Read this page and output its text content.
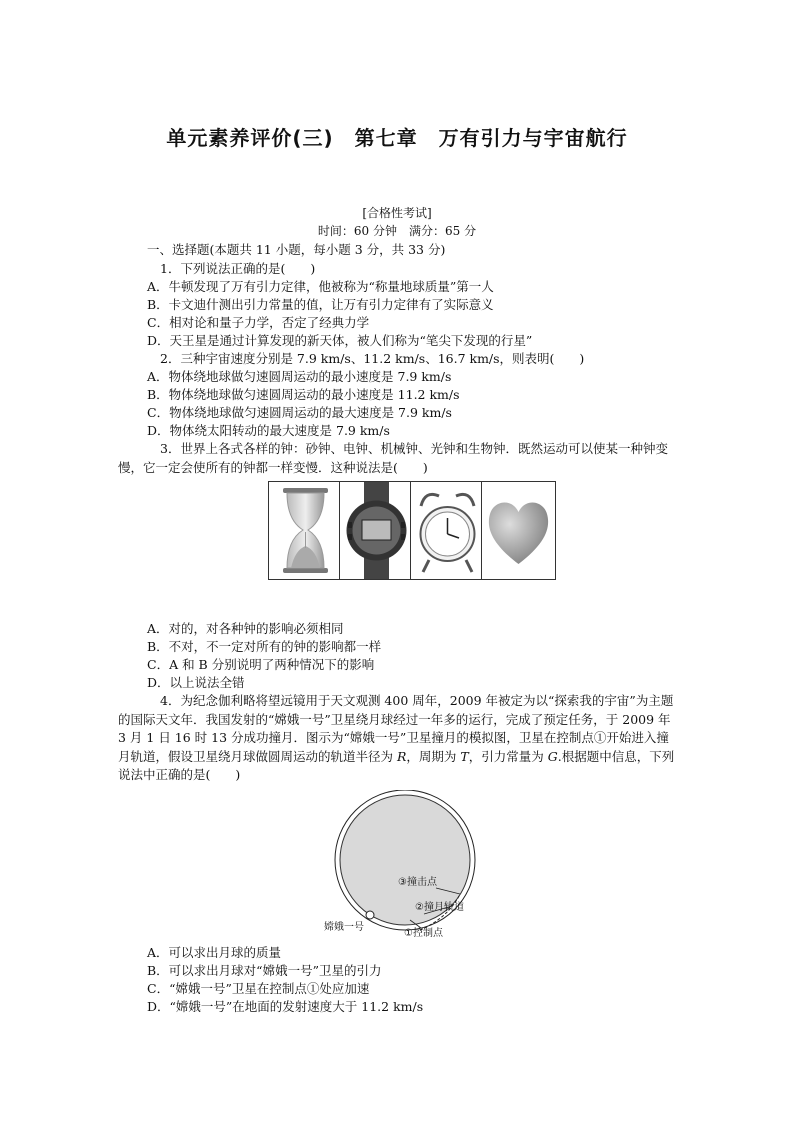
单元素养评价(三)　第七章　万有引力与宇宙航行
[合格性考试]
时间：60 分钟　满分：65 分
一、选择题(本题共 11 小题，每小题 3 分，共 33 分)
1．下列说法正确的是(　　)
A．牛顿发现了万有引力定律，他被称为“称量地球质量”第一人
B．卡文迪什测出引力常量的值，让万有引力定律有了实际意义
C．相对论和量子力学，否定了经典力学
D．天王星是通过计算发现的新天体，被人们称为“笔尖下发现的行星”
2．三种宇宙速度分别是 7.9 km/s、11.2 km/s、16.7 km/s，则表明(　　)
A．物体绕地球做匀速圆周运动的最小速度是 7.9 km/s
B．物体绕地球做匀速圆周运动的最小速度是 11.2 km/s
C．物体绕地球做匀速圆周运动的最大速度是 7.9 km/s
D．物体绕太阳转动的最大速度是 7.9 km/s
3．世界上各式各样的钟：砂钟、电钟、机械钟、光钟和生物钟．既然运动可以使某一种钟变慢，它一定会使所有的钟都一样变慢．这种说法是(　　)
A．对的，对各种钟的影响必须相同
B．不对，不一定对所有的钟的影响都一样
C．A 和 B 分别说明了两种情况下的影响
D．以上说法全错
4．为纪念伽利略将望远镜用于天文观测 400 周年，2009 年被定为以“探索我的宇宙”为主题的国际天文年．我国发射的“嫦娥一号”卫星绕月球经过一年多的运行，完成了预定任务，于 2009 年 3 月 1 日 16 时 13 分成功撞月．图示为“嫦娥一号”卫星撞月的模拟图，卫星在控制点①开始进入撞月轨道，假设卫星绕月球做圆周运动的轨道半径为 R，周期为 T，引力常量为 G.根据题中信息，下列说法中正确的是(　　)
③撞击点
②撞月轨道
①控制点
嫦娥一号
A．可以求出月球的质量
B．可以求出月球对“嫦娥一号”卫星的引力
C．“嫦娥一号”卫星在控制点①处应加速
D．“嫦娥一号”在地面的发射速度大于 11.2 km/s
